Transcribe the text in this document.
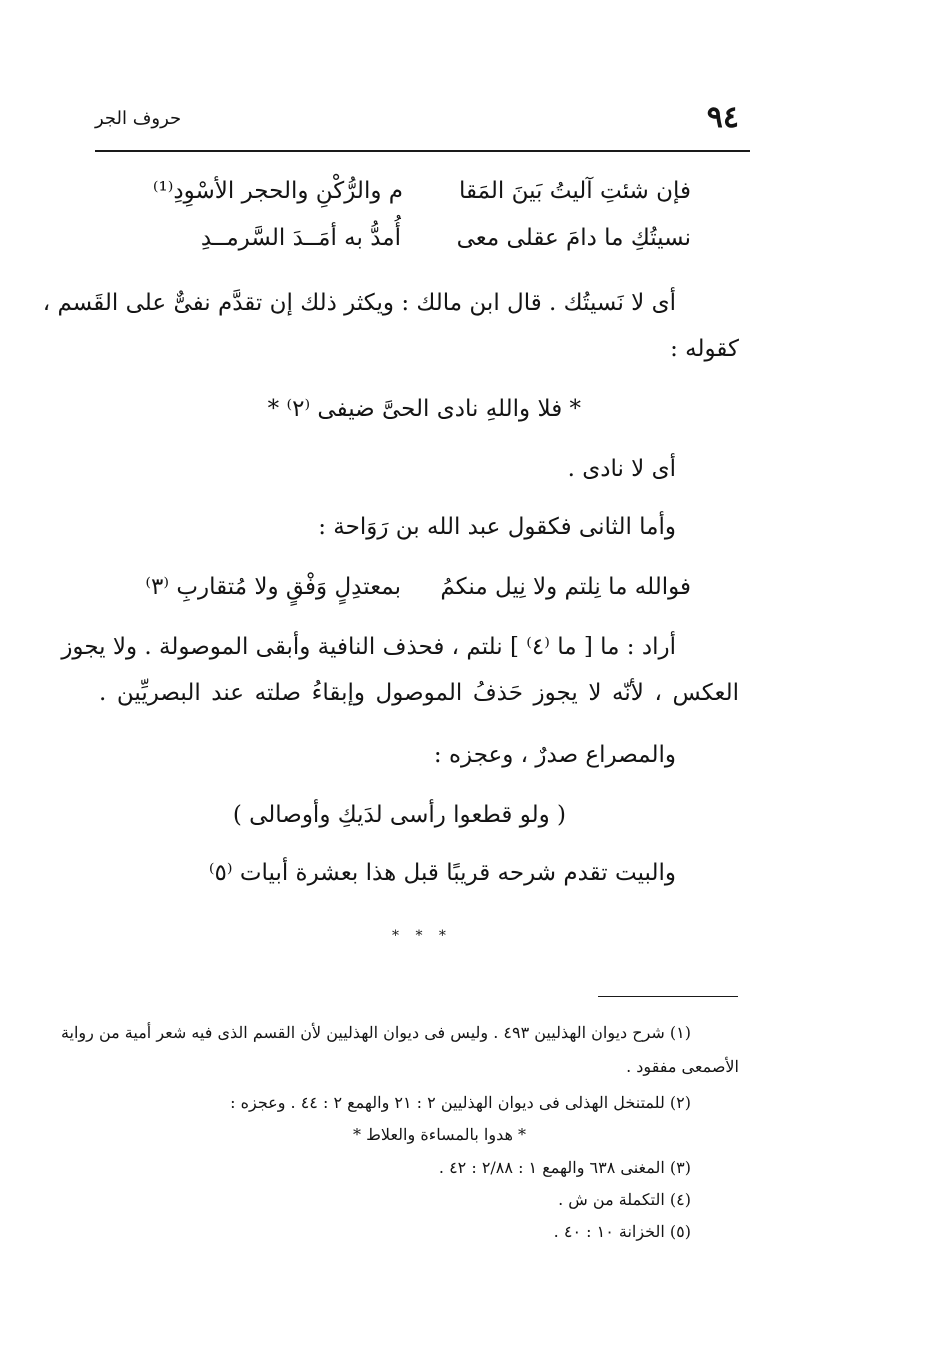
٩٤
حروف الجر
فإن شئتِ آليتُ بَينَ المَقا
م والرُّكْنِ والحجر الأسْوِدِ⁽¹⁾
نسيتُكِ ما دامَ عقلى معى
أُمدُّ به أمَــدَ السَّرمــدِ
أى لا نَسيتُك . قال ابن مالك : ويكثر ذلك إن تقدَّم نفىٌّ على القَسم ،
كقوله :
* فلا واللهِ نادى الحىَّ ضيفى ⁽٢⁾ *
أى لا نادى .
وأما الثانى فكقول عبد الله بن رَوَاحة :
فوالله ما نِلتم ولا نِيل منكمُ
بمعتدِلٍ وَفْقٍ ولا مُتقاربِ ⁽٣⁾
أراد : ما [ ما ⁽٤⁾ ] نلتم ، فحذف النافية وأبقى الموصولة . ولا يجوز
العكس ، لأنّه لا يجوز حَذفُ الموصول وإبقاءُ صلته عند البصريِّين .
والمصراع صدرٌ ، وعجزه :
( ولو قطعوا رأسى لدَيكِ وأوصالى )
والبيت تقدم شرحه قريبًا قبل هذا بعشرة أبيات ⁽٥⁾
* * *
(١) شرح ديوان الهذليين ٤٩٣ . وليس فى ديوان الهذليين لأن القسم الذى فيه شعر أمية من رواية
الأصمعى مفقود .
(٢) للمتنخل الهذلى فى ديوان الهذليين ٢ : ٢١ والهمع ٢ : ٤٤ . وعجزه :
* هدوا بالمساءة والعلاط *
(٣) المغنى ٦٣٨ والهمع ١ : ٢/٨٨ : ٤٢ .
(٤) التكملة من ش .
(٥) الخزانة ١٠ : ٤٠ .
